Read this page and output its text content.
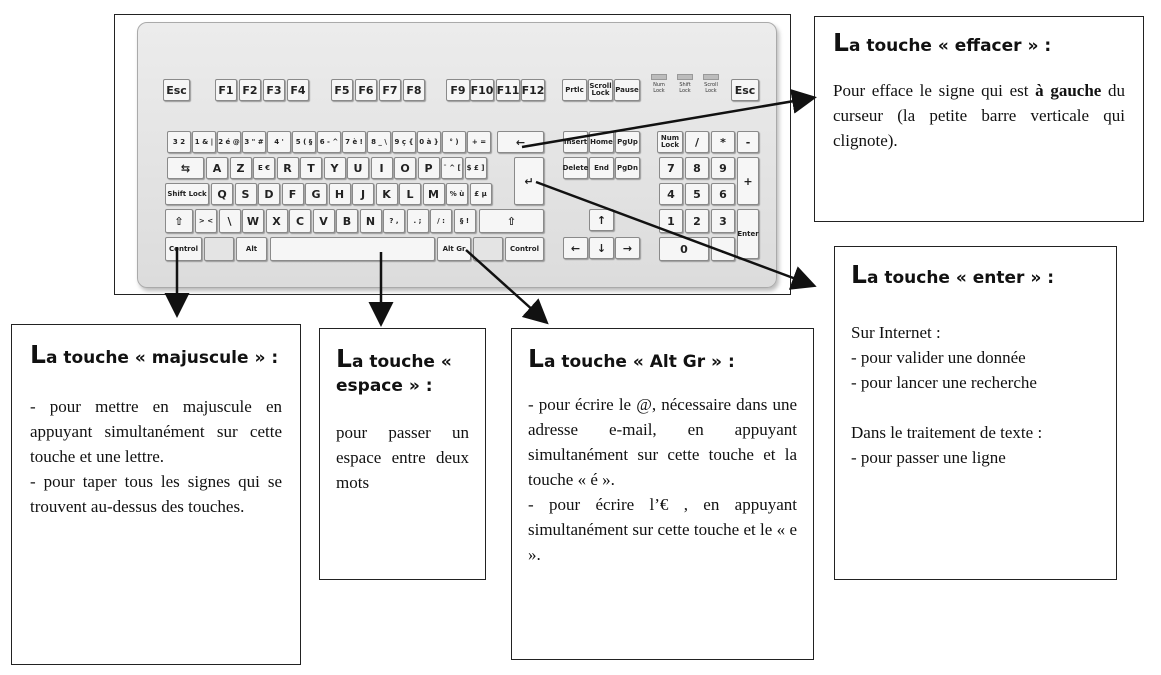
Esc	F1 F2 F3 F4	F5 F6 F7 F8	F9 F10 F11 F12	Prtlc Scroll Lock Pause
Num Lock
Shift Lock
Scroll Lock	Esc
3 2	1 & | 2 é @ 3 " #	4 '	5 ( §	6 - ^ 7 è !	8 _ \	9 ç { 0 à }	° )	+ =	←	Insert Home PgUp	Num Lock	/	*	-
⇆	A	Z	E €	R	T	Y	U	I	O	P	¨ ^ [ $ £ ]
↵
Delete End	PgDn	7	8	9
+
Shift Lock Q	S	D	F	G	H	J	K	L	M	% ù	£ µ	4	5	6
⇧	> <	\	W	X	C	V	B	N	? ,	. ;	/ :	§ !	⇧	↑	1	2	3
Enter
Control	Alt	Alt Gr	Control	←	↓	→	0	.
La touche « effacer » :
Pour efface le signe qui est à gauche du curseur (la petite barre verticale qui clignote).
La touche « enter » :
Sur Internet :
- pour valider une donnée
- pour lancer une recherche

Dans le traitement de texte :
- pour passer une ligne
La touche « majuscule » :
- pour mettre en majuscule en appuyant simultanément sur cette touche et une lettre.
- pour taper tous les signes qui se trouvent au-dessus des touches.
La touche « espace » :
pour passer un espace entre deux mots
La touche « Alt Gr » :
- pour écrire le @, nécessaire dans une adresse e-mail, en appuyant simultanément sur cette touche et la touche « é ».
- pour écrire l’€ , en appuyant simultanément sur cette touche et le « e ».
